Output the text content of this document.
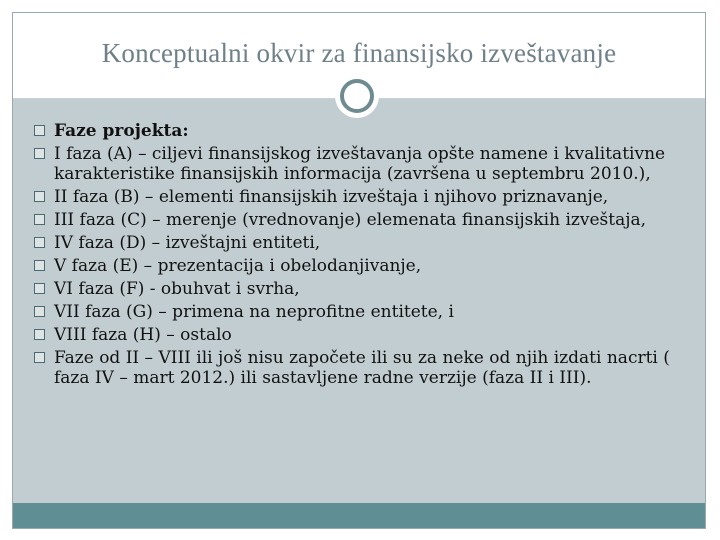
Konceptualni okvir za finansijsko izveštavanje
Faze projekta:
I faza (A) – ciljevi finansijskog izveštavanja opšte namene i kvalitativne karakteristike finansijskih informacija (završena u septembru 2010.),
II faza (B) – elementi finansijskih izveštaja i njihovo priznavanje,
III faza (C) – merenje (vrednovanje) elemenata finansijskih izveštaja,
IV faza (D) – izveštajni entiteti,
V faza (E) – prezentacija i obelodanjivanje,
VI faza (F) - obuhvat i svrha,
VII faza (G) – primena na neprofitne entitete, i
VIII faza (H) – ostalo
Faze od II – VIII ili još nisu započete ili su za neke od njih izdati nacrti ( faza IV – mart 2012.) ili sastavljene radne verzije (faza II i III).
